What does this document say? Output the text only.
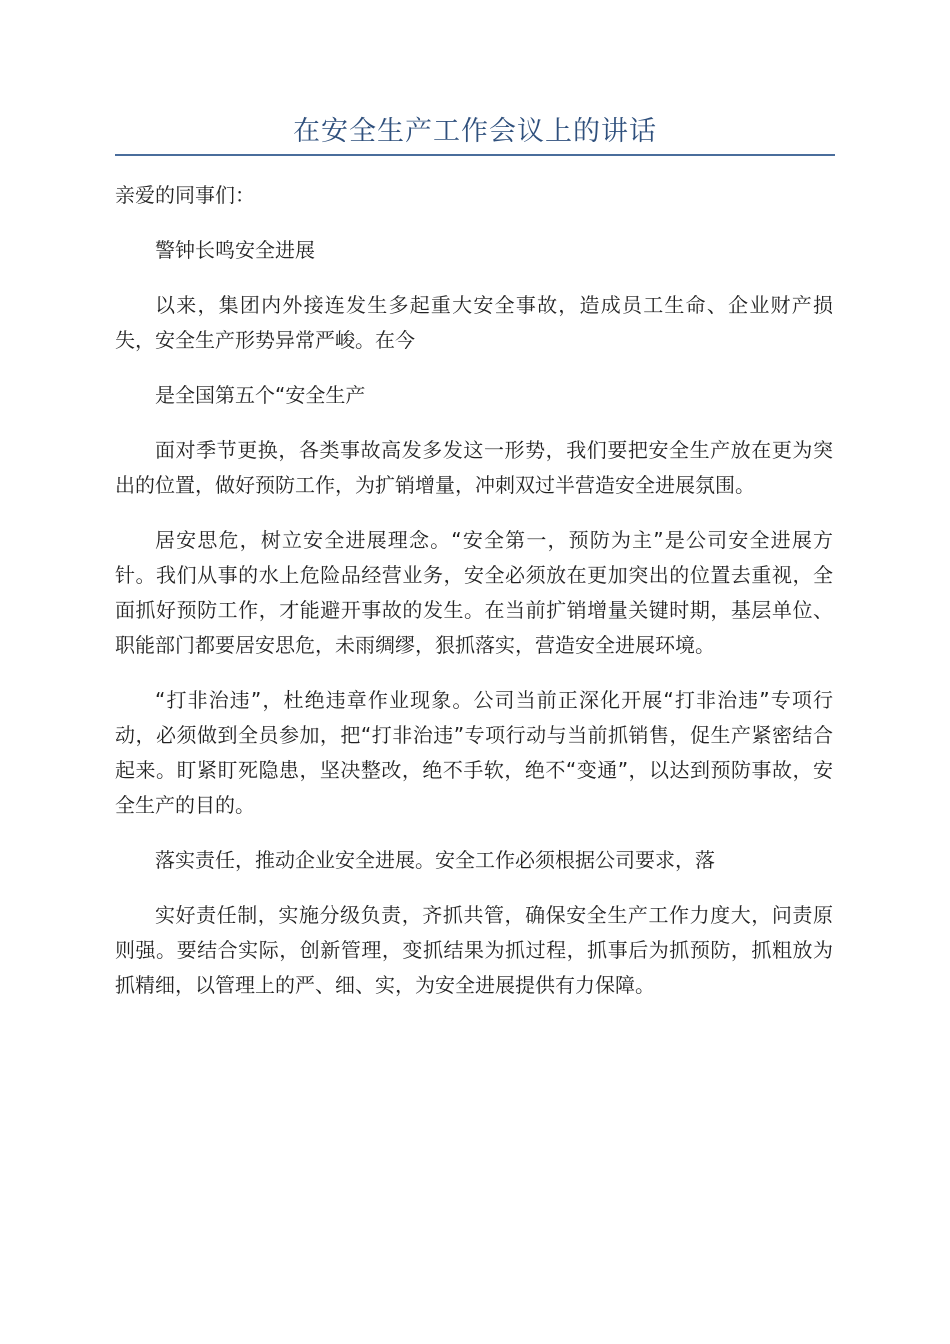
在安全生产工作会议上的讲话

亲爱的同事们：

警钟长鸣安全进展

以来，集团内外接连发生多起重大安全事故，造成员工生命、企业财产损失，安全生产形势异常严峻。在今

是全国第五个“安全生产

面对季节更换，各类事故高发多发这一形势，我们要把安全生产放在更为突出的位置，做好预防工作，为扩销增量，冲刺双过半营造安全进展氛围。

居安思危，树立安全进展理念。“安全第一，预防为主”是公司安全进展方针。我们从事的水上危险品经营业务，安全必须放在更加突出的位置去重视，全面抓好预防工作，才能避开事故的发生。在当前扩销增量关键时期，基层单位、职能部门都要居安思危，未雨绸缪，狠抓落实，营造安全进展环境。

“打非治违”，杜绝违章作业现象。公司当前正深化开展“打非治违”专项行动，必须做到全员参加，把“打非治违”专项行动与当前抓销售，促生产紧密结合起来。盯紧盯死隐患，坚决整改，绝不手软，绝不“变通”，以达到预防事故，安全生产的目的。

落实责任，推动企业安全进展。安全工作必须根据公司要求，落

实好责任制，实施分级负责，齐抓共管，确保安全生产工作力度大，问责原则强。要结合实际，创新管理，变抓结果为抓过程，抓事后为抓预防，抓粗放为抓精细，以管理上的严、细、实，为安全进展提供有力保障。
